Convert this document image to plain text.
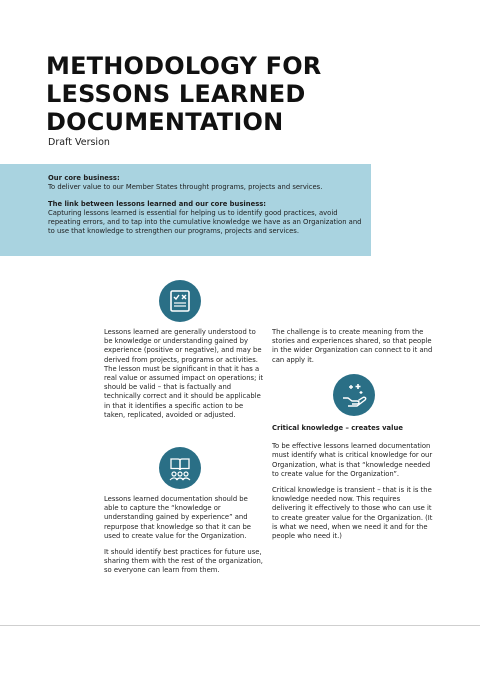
METHODOLOGY FOR
LESSONS LEARNED
DOCUMENTATION

Draft Version

Our core business:
To deliver value to our Member States throught programs, projects and services.
The link between lessons learned and our core business:
Capturing lessons learned is essential for helping us to identify good practices, avoid repeating errors, and to tap into the cumulative knowledge we have as an Organization and to use that knowledge to strengthen our programs, projects and services.

Lessons learned are generally understood to be knowledge or understanding gained by experience (positive or negative), and may be derived from projects, programs or activities. The lesson must be significant in that it has a real value or assumed impact on operations; it should be valid – that is factually and technically correct and it should be applicable in that it identifies a specific action to be taken, replicated, avoided or adjusted.

Lessons learned documentation should be able to capture the “knowledge or understanding gained by experience” and repurpose that knowledge so that it can be used to create value for the Organization.

It should identify best practices for future use, sharing them with the rest of the organization, so everyone can learn from them.

The challenge is to create meaning from the stories and experiences shared, so that people in the wider Organization can connect to it and can apply it.

Critical knowledge – creates value

To be effective lessons learned documentation must identify what is critical knowledge for our Organization, what is that “knowledge needed to create value for the Organization”.

Critical knowledge is transient – that is it is the knowledge needed now. This requires delivering it effectively to those who can use it to create greater value for the Organization. (It is what we need, when we need it and for the people who need it.)
